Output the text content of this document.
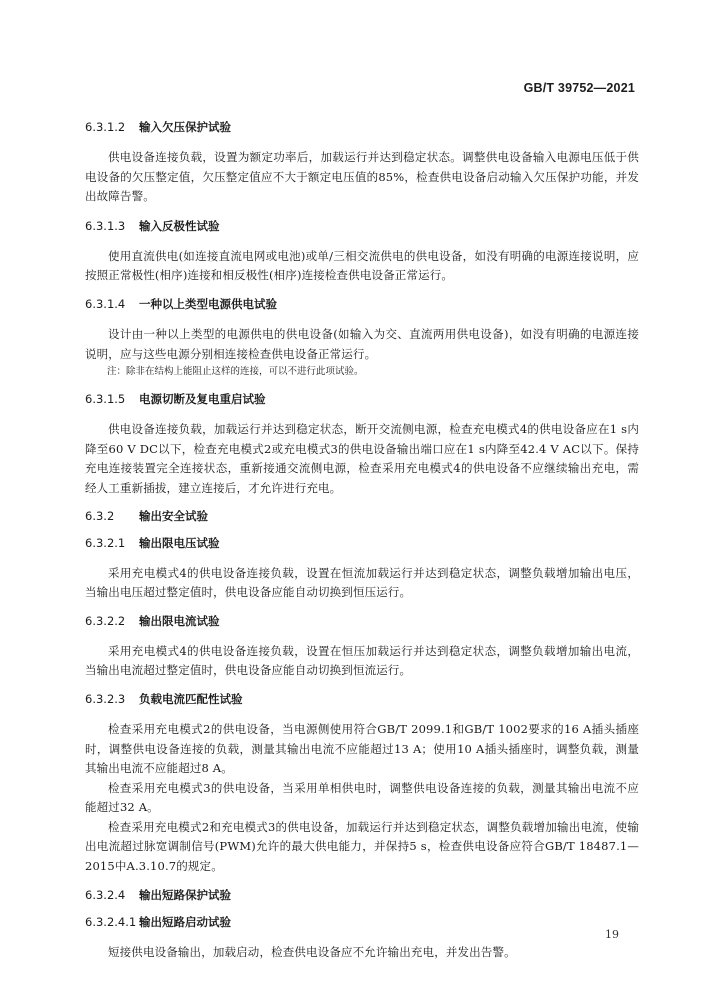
GB/T 39752—2021
6.3.1.2 输入欠压保护试验

供电设备连接负载，设置为额定功率后，加载运行并达到稳定状态。调整供电设备输入电源电压低于供电设备的欠压整定值，欠压整定值应不大于额定电压值的85%，检查供电设备启动输入欠压保护功能，并发出故障告警。

6.3.1.3 输入反极性试验

使用直流供电(如连接直流电网或电池)或单/三相交流供电的供电设备，如没有明确的电源连接说明，应按照正常极性(相序)连接和相反极性(相序)连接检查供电设备正常运行。

6.3.1.4 一种以上类型电源供电试验

设计由一种以上类型的电源供电的供电设备(如输入为交、直流两用供电设备)，如没有明确的电源连接说明，应与这些电源分别相连接检查供电设备正常运行。

注：除非在结构上能阻止这样的连接，可以不进行此项试验。
6.3.1.5 电源切断及复电重启试验

供电设备连接负载，加载运行并达到稳定状态，断开交流侧电源，检查充电模式4的供电设备应在1 s内降至60 V DC以下，检查充电模式2或充电模式3的供电设备输出端口应在1 s内降至42.4 V AC以下。保持充电连接装置完全连接状态，重新接通交流侧电源，检查采用充电模式4的供电设备不应继续输出充电，需经人工重新插拔，建立连接后，才允许进行充电。

6.3.2 输出安全试验
6.3.2.1 输出限电压试验

采用充电模式4的供电设备连接负载，设置在恒流加载运行并达到稳定状态，调整负载增加输出电压，当输出电压超过整定值时，供电设备应能自动切换到恒压运行。

6.3.2.2 输出限电流试验

采用充电模式4的供电设备连接负载，设置在恒压加载运行并达到稳定状态，调整负载增加输出电流，当输出电流超过整定值时，供电设备应能自动切换到恒流运行。

6.3.2.3 负载电流匹配性试验

检查采用充电模式2的供电设备，当电源侧使用符合GB/T 2099.1和GB/T 1002要求的16 A插头插座时，调整供电设备连接的负载，测量其输出电流不应能超过13 A；使用10 A插头插座时，调整负载，测量其输出电流不应能超过8 A。

检查采用充电模式3的供电设备，当采用单相供电时，调整供电设备连接的负载，测量其输出电流不应能超过32 A。

检查采用充电模式2和充电模式3的供电设备，加载运行并达到稳定状态，调整负载增加输出电流，使输出电流超过脉宽调制信号(PWM)允许的最大供电能力，并保持5 s，检查供电设备应符合GB/T 18487.1—2015中A.3.10.7的规定。

6.3.2.4 输出短路保护试验
6.3.2.4.1 输出短路启动试验

短接供电设备输出，加载启动，检查供电设备应不允许输出充电，并发出告警。

19
